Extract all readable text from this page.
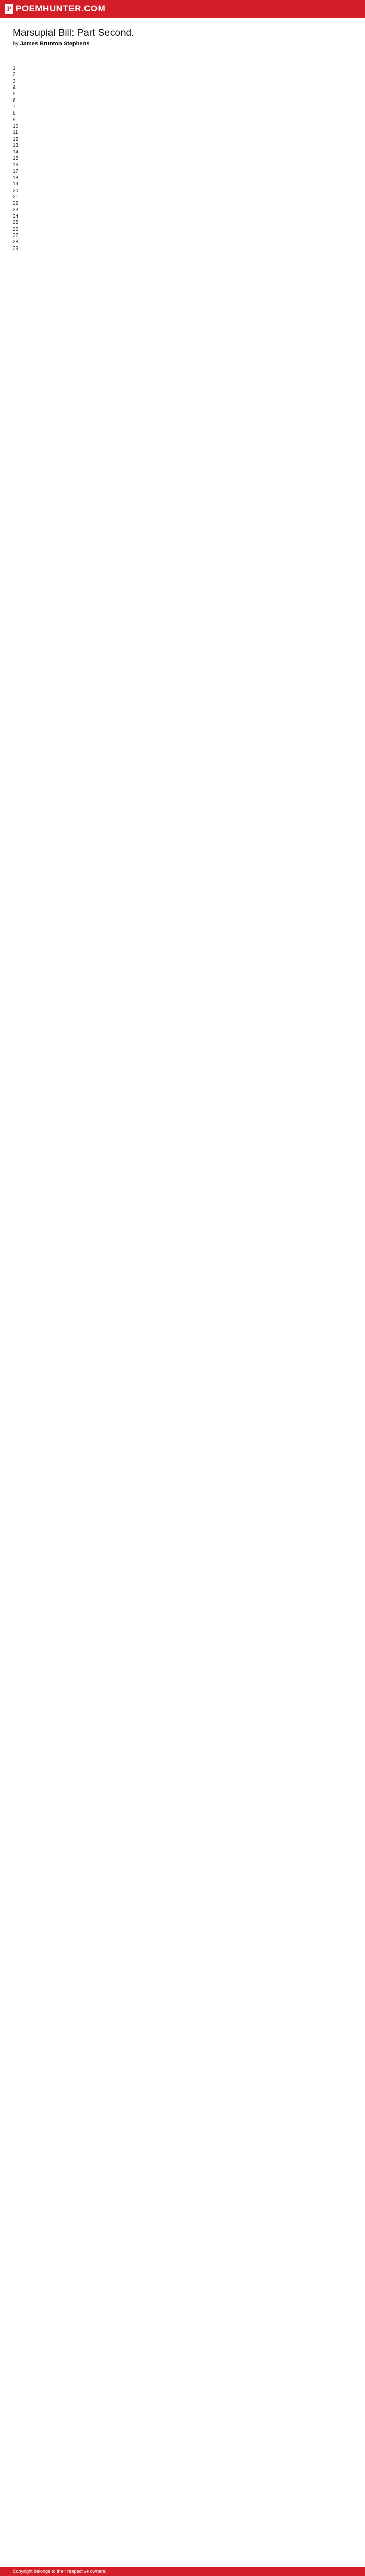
P POEMHUNTER.COM
Marsupial Bill: Part Second.
by James Brunton Stephens
1
2
3
4
5
6
7
8
9
10
11
12
13
14
15
16
17
18
19
20
21
22
23
24
25
26
27
28
29
Copyright belongs to their respective owners.
